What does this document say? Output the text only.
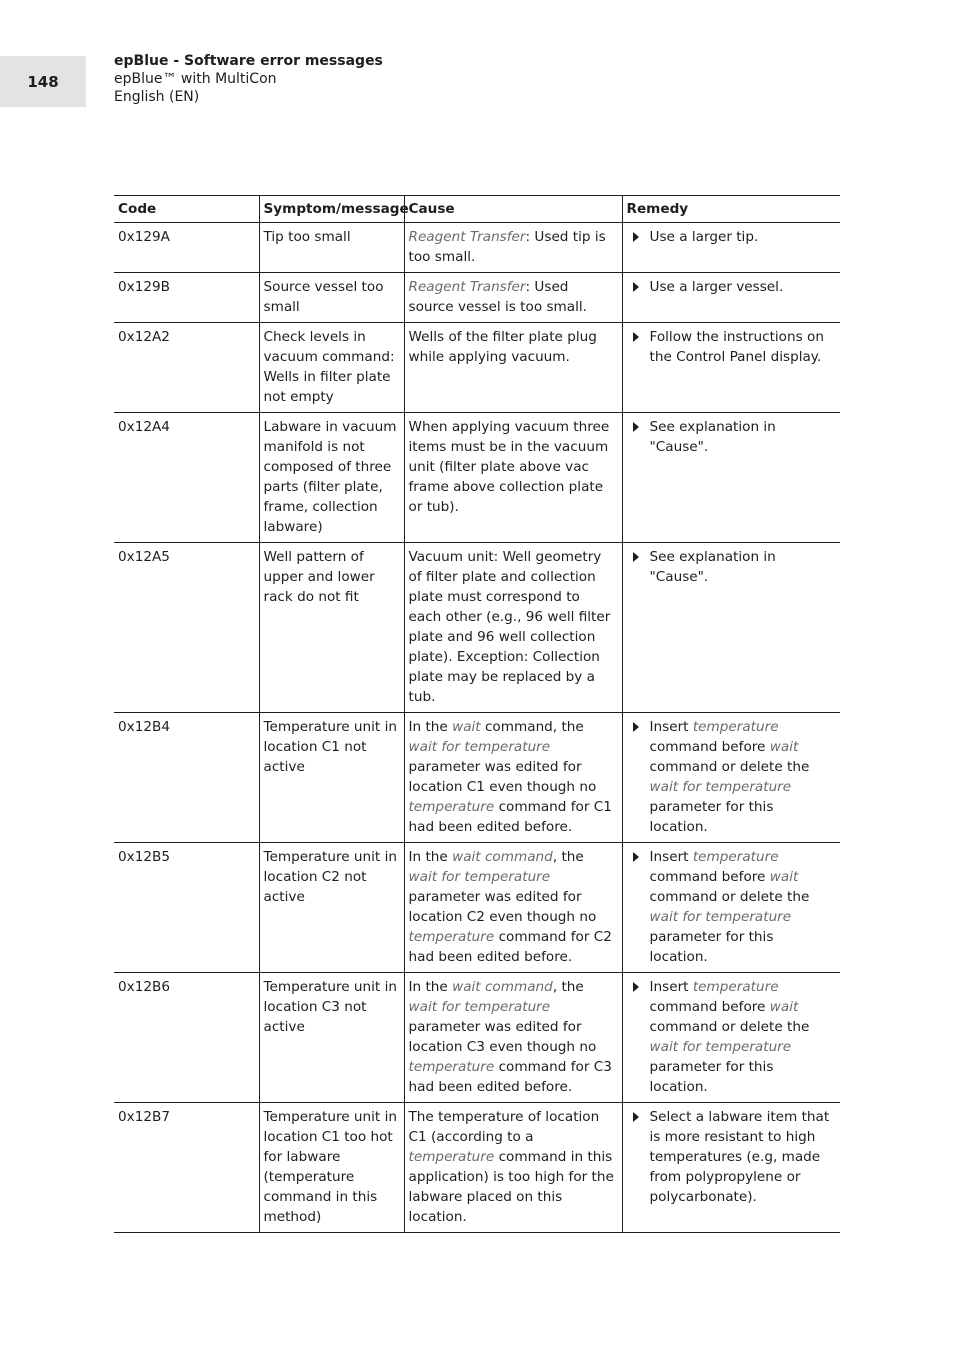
148
epBlue - Software error messages
epBlue™ with MultiCon
English (EN)
Code	Symptom/message	Cause	Remedy
0x129A	Tip too small	Reagent Transfer: Used tip is too small.	Use a larger tip.
0x129B	Source vessel too small	Reagent Transfer: Used source vessel is too small.	Use a larger vessel.
0x12A2	Check levels in vacuum command: Wells in filter plate not empty	Wells of the filter plate plug while applying vacuum.	Follow the instructions on the Control Panel display.
0x12A4	Labware in vacuum manifold is not composed of three parts (filter plate, frame, collection labware)	When applying vacuum three items must be in the vacuum unit (filter plate above vac frame above collection plate or tub).	See explanation in "Cause".
0x12A5	Well pattern of upper and lower rack do not fit	Vacuum unit: Well geometry of filter plate and collection plate must correspond to each other (e.g., 96 well filter plate and 96 well collection plate). Exception: Collection plate may be replaced by a tub.	See explanation in "Cause".
0x12B4	Temperature unit in location C1 not active	In the wait command, the wait for temperature parameter was edited for location C1 even though no temperature command for C1 had been edited before.	Insert temperature command before wait command or delete the wait for temperature parameter for this location.
0x12B5	Temperature unit in location C2 not active	In the wait command, the wait for temperature parameter was edited for location C2 even though no temperature command for C2 had been edited before.	Insert temperature command before wait command or delete the wait for temperature parameter for this location.
0x12B6	Temperature unit in location C3 not active	In the wait command, the wait for temperature parameter was edited for location C3 even though no temperature command for C3 had been edited before.	Insert temperature command before wait command or delete the wait for temperature parameter for this location.
0x12B7	Temperature unit in location C1 too hot for labware (temperature command in this method)	The temperature of location C1 (according to a temperature command in this application) is too high for the labware placed on this location.	Select a labware item that is more resistant to high temperatures (e.g, made from polypropylene or polycarbonate).
